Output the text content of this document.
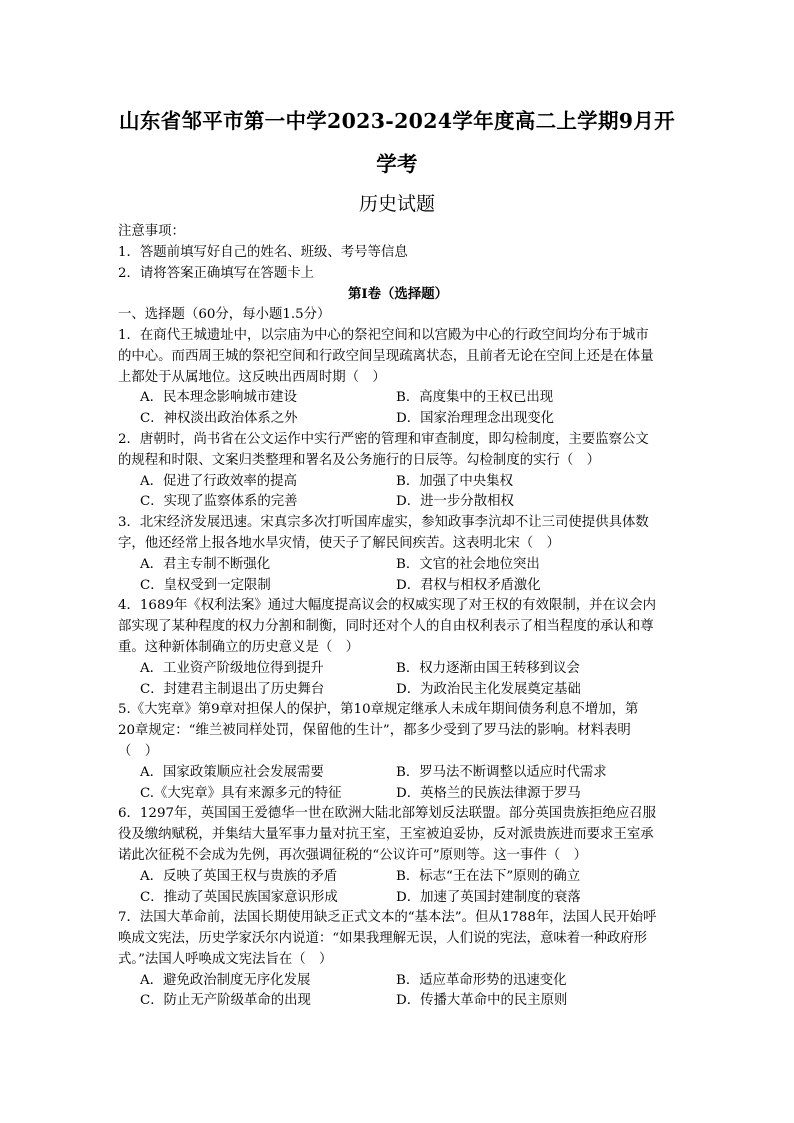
山东省邹平市第一中学2023-2024学年度高二上学期9月开
学考
历史试题
注意事项：
1．答题前填写好自己的姓名、班级、考号等信息
2．请将答案正确填写在答题卡上
第I卷（选择题）
一、选择题（60分，每小题1.5分）
1．在商代王城遗址中，以宗庙为中心的祭祀空间和以宫殿为中心的行政空间均分布于城市
的中心。而西周王城的祭祀空间和行政空间呈现疏离状态，且前者无论在空间上还是在体量
上都处于从属地位。这反映出西周时期（　）
A．民本理念影响城市建设	B．高度集中的王权已出现
C．神权淡出政治体系之外	D．国家治理理念出现变化
2．唐朝时，尚书省在公文运作中实行严密的管理和审查制度，即勾检制度，主要监察公文
的规程和时限、文案归类整理和署名及公务施行的日辰等。勾检制度的实行（　）
A．促进了行政效率的提高	B．加强了中央集权
C．实现了监察体系的完善	D．进一步分散相权
3．北宋经济发展迅速。宋真宗多次打听国库虚实，参知政事李沆却不让三司使提供具体数
字，他还经常上报各地水旱灾情，使天子了解民间疾苦。这表明北宋（　）
A．君主专制不断强化	B．文官的社会地位突出
C．皇权受到一定限制	D．君权与相权矛盾激化
4．1689年《权利法案》通过大幅度提高议会的权威实现了对王权的有效限制，并在议会内
部实现了某种程度的权力分割和制衡，同时还对个人的自由权利表示了相当程度的承认和尊
重。这种新体制确立的历史意义是（　）
A．工业资产阶级地位得到提升	B．权力逐渐由国王转移到议会
C．封建君主制退出了历史舞台	D．为政治民主化发展奠定基础
5.《大宪章》第9章对担保人的保护，第10章规定继承人未成年期间债务利息不增加，第
20章规定：“维兰被同样处罚，保留他的生计”，都多少受到了罗马法的影响。材料表明
（　）
A．国家政策顺应社会发展需要	B．罗马法不断调整以适应时代需求
C.《大宪章》具有来源多元的特征	D．英格兰的民族法律源于罗马
6．1297年，英国国王爱德华一世在欧洲大陆北部筹划反法联盟。部分英国贵族拒绝应召服
役及缴纳赋税，并集结大量军事力量对抗王室，王室被迫妥协，反对派贵族进而要求王室承
诺此次征税不会成为先例，再次强调征税的“公议许可”原则等。这一事件（　）
A．反映了英国王权与贵族的矛盾	B．标志“王在法下”原则的确立
C．推动了英国民族国家意识形成	D．加速了英国封建制度的衰落
7．法国大革命前，法国长期使用缺乏正式文本的“基本法”。但从1788年，法国人民开始呼
唤成文宪法，历史学家沃尔内说道：“如果我理解无误，人们说的宪法，意味着一种政府形
式。”法国人呼唤成文宪法旨在（　）
A．避免政治制度无序化发展	B．适应革命形势的迅速变化
C．防止无产阶级革命的出现	D．传播大革命中的民主原则
